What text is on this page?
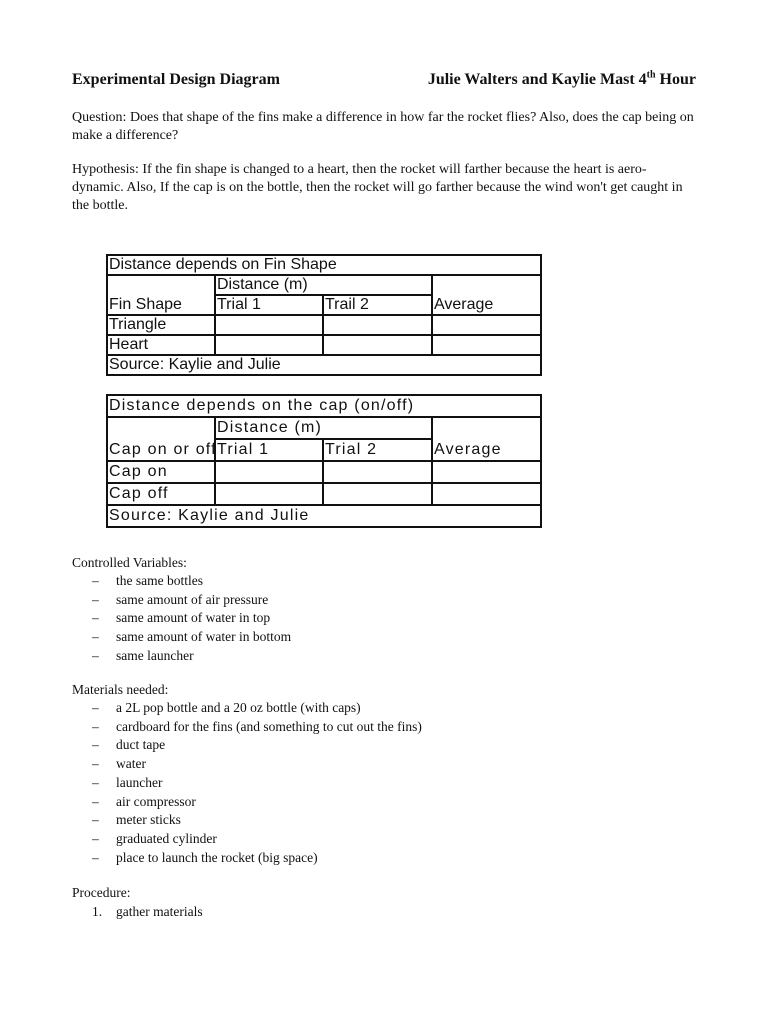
Experimental Design Diagram	Julie Walters and Kaylie Mast 4th Hour
Question: Does that shape of the fins make a difference in how far the rocket flies? Also, does the cap being on make a difference?
Hypothesis: If the fin shape is changed to a heart, then the rocket will farther because the heart is aero-dynamic. Also, If the cap is on the bottle, then the rocket will go farther because the wind won't get caught in the bottle.
Distance depends on Fin Shape			
Fin Shape	Distance (m)		Average
	Trial 1	Trail 2	
Triangle			
Heart			
Source: Kaylie and Julie			
Distance depends on the cap (on/off)			
Cap on or off	Distance (m)		Average
	Trial 1	Trial 2	
Cap on			
Cap off			
Source: Kaylie and Julie			
Controlled Variables:
– the same bottles
– same amount of air pressure
– same amount of water in top
– same amount of water in bottom
– same launcher
Materials needed:
– a 2L pop bottle and a 20 oz bottle (with caps)
– cardboard for the fins (and something to cut out the fins)
– duct tape
– water
– launcher
– air compressor
– meter sticks
– graduated cylinder
– place to launch the rocket (big space)
Procedure:
1. gather materials
